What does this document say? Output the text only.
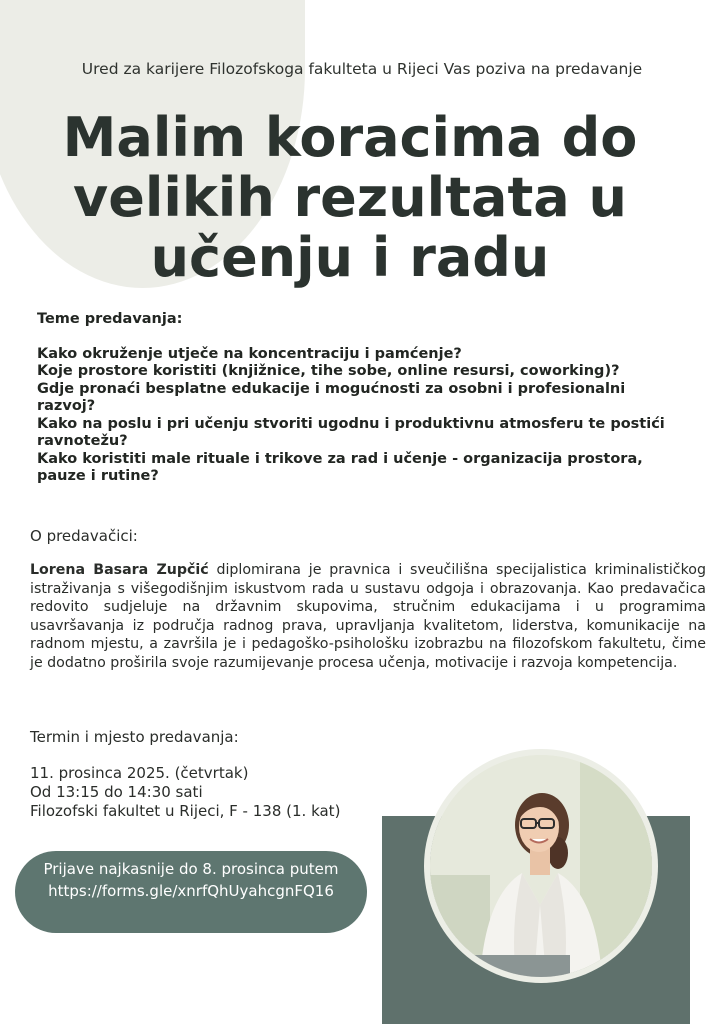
Ured za karijere Filozofskoga fakulteta u Rijeci Vas poziva na predavanje
Malim koracima do
velikih rezultata u
učenju i radu
Teme predavanja:

Kako okruženje utječe na koncentraciju i pamćenje?

Koje prostore koristiti (knjižnice, tihe sobe, online resursi, coworking)?

Gdje pronaći besplatne edukacije i mogućnosti za osobni i profesionalni razvoj?

Kako na poslu i pri učenju stvoriti ugodnu i produktivnu atmosferu te postići ravnotežu?

Kako koristiti male rituale i trikove za rad i učenje - organizacija prostora, pauze i rutine?

O predavačici:
Lorena Basara Zupčić diplomirana je pravnica i sveučilišna specijalistica kriminalističkog istraživanja s višegodišnjim iskustvom rada u sustavu odgoja i obrazovanja. Kao predavačica redovito sudjeluje na državnim skupovima, stručnim edukacijama i u programima usavršavanja iz područja radnog prava, upravljanja kvalitetom, liderstva, komunikacije na radnom mjestu, a završila je i pedagoško-psihološku izobrazbu na filozofskom fakultetu, čime je dodatno proširila svoje razumijevanje procesa učenja, motivacije i razvoja kompetencija.
Termin i mjesto predavanja:
11. prosinca 2025. (četvrtak)
Od 13:15 do 14:30 sati
Filozofski fakultet u Rijeci, F - 138 (1. kat)
Prijave najkasnije do 8. prosinca putem
https://forms.gle/xnrfQhUyahcgnFQ16
